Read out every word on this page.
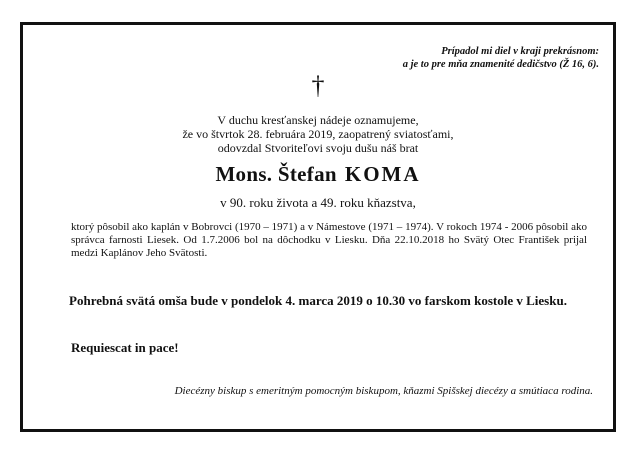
Prípadol mi diel v kraji prekrásnom:
a je to pre mňa znamenité dedičstvo (Ž 16, 6).
†
V duchu kresťanskej nádeje oznamujeme,
že vo štvrtok 28. februára 2019, zaopatrený sviatosťami,
odovzdal Stvoriteľovi svoju dušu náš brat
Mons. Štefan KOMA
v 90. roku života a 49. roku kňazstva,
ktorý pôsobil ako kaplán v Bobrovci (1970 – 1971) a v Námestove (1971 – 1974). V rokoch 1974 - 2006 pôsobil ako správca farnosti Liesek. Od 1.7.2006 bol na dôchodku v Liesku. Dňa 22.10.2018 ho Svätý Otec František prijal medzi Kaplánov Jeho Svätosti.
Pohrebná svätá omša bude v pondelok 4. marca 2019 o 10.30 vo farskom kostole v Liesku.
Requiescat in pace!
Diecézny biskup s emeritným pomocným biskupom, kňazmi Spišskej diecézy a smútiaca rodina.
